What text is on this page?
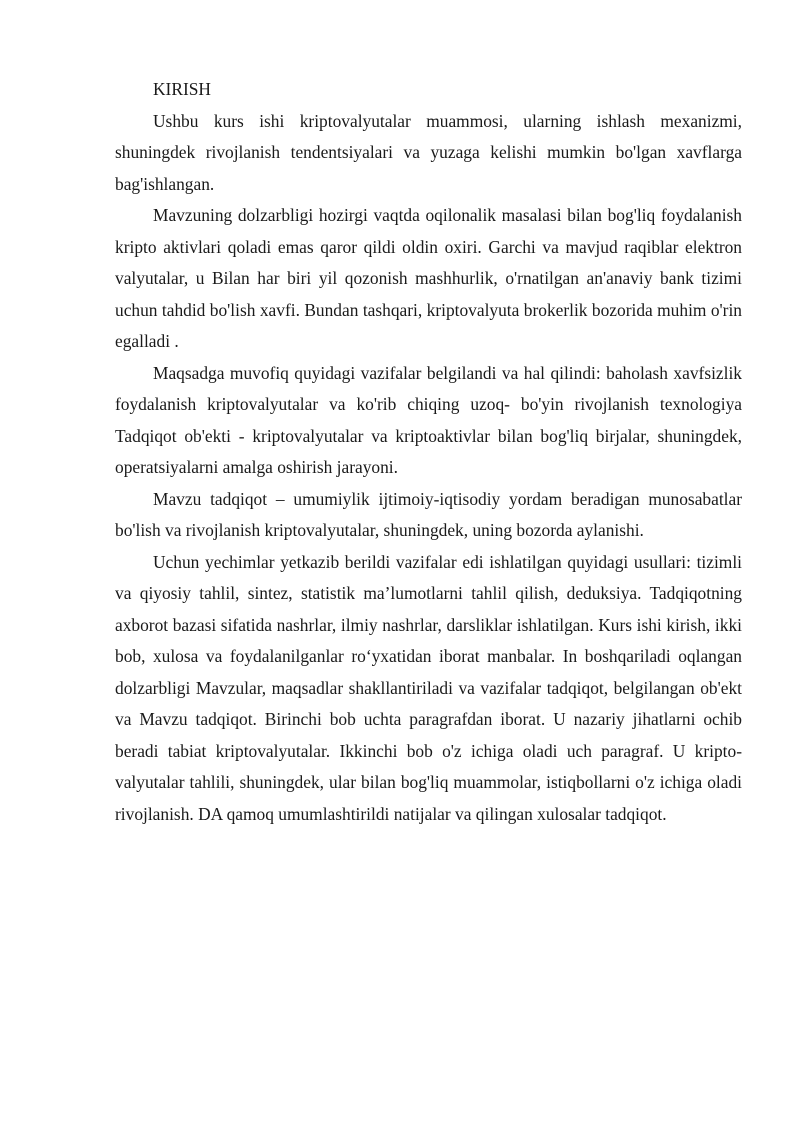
KIRISH

Ushbu kurs ishi kriptovalyutalar muammosi, ularning ishlash mexanizmi, shuningdek rivojlanish tendentsiyalari va yuzaga kelishi mumkin bo'lgan xavflarga bag'ishlangan.

Mavzuning dolzarbligi hozirgi vaqtda oqilonalik masalasi bilan bog'liq foydalanish kripto aktivlari qoladi emas qaror qildi oldin oxiri. Garchi va mavjud raqiblar elektron valyutalar, u Bilan har biri yil qozonish mashhurlik, o'rnatilgan an'anaviy bank tizimi uchun tahdid bo'lish xavfi. Bundan tashqari, kriptovalyuta brokerlik bozorida muhim o'rin egalladi .

Maqsadga muvofiq quyidagi vazifalar belgilandi va hal qilindi: baholash xavfsizlik foydalanish kriptovalyutalar va ko'rib chiqing uzoq- bo'yin rivojlanish texnologiya Tadqiqot ob'ekti - kriptovalyutalar va kriptoaktivlar bilan bog'liq birjalar, shuningdek, operatsiyalarni amalga oshirish jarayoni.

Mavzu tadqiqot – umumiylik ijtimoiy-iqtisodiy yordam beradigan munosabatlar bo'lish va rivojlanish kriptovalyutalar, shuningdek, uning bozorda aylanishi.

Uchun yechimlar yetkazib berildi vazifalar edi ishlatilgan quyidagi usullari: tizimli va qiyosiy tahlil, sintez, statistik ma’lumotlarni tahlil qilish, deduksiya. Tadqiqotning axborot bazasi sifatida nashrlar, ilmiy nashrlar, darsliklar ishlatilgan. Kurs ishi kirish, ikki bob, xulosa va foydalanilganlar ro‘yxatidan iborat manbalar. In boshqariladi oqlangan dolzarbligi Mavzular, maqsadlar shakllantiriladi va vazifalar tadqiqot, belgilangan ob'ekt va Mavzu tadqiqot. Birinchi bob uchta paragrafdan iborat. U nazariy jihatlarni ochib beradi tabiat kriptovalyutalar. Ikkinchi bob o'z ichiga oladi uch paragraf. U kripto-valyutalar tahlili, shuningdek, ular bilan bog'liq muammolar, istiqbollarni o'z ichiga oladi rivojlanish. DA qamoq umumlashtirildi natijalar va qilingan xulosalar tadqiqot.
